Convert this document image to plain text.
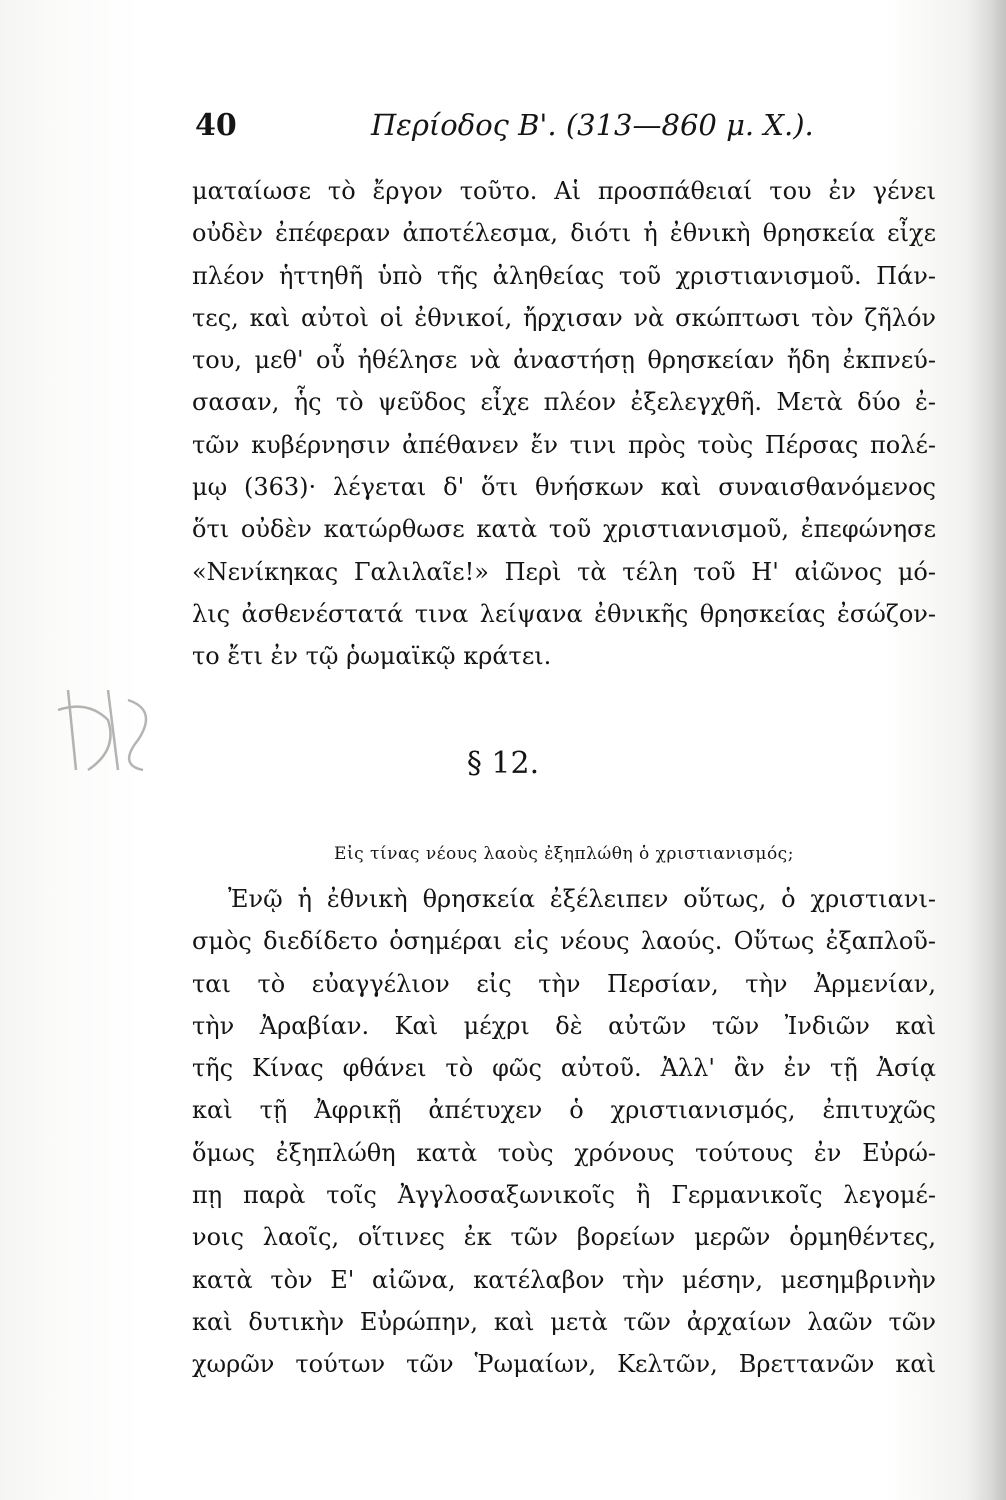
40	Περίοδος Β'. (313—860 μ. Χ.).
ματαίωσε τὸ ἔργον τοῦτο. Αἱ προσπάθειαί του ἐν γένει
οὐδὲν ἐπέφεραν ἀποτέλεσμα, διότι ἡ ἐθνικὴ θρησκεία εἶχε
πλέον ἡττηθῆ ὑπὸ τῆς ἀληθείας τοῦ χριστιανισμοῦ. Πάν-
τες, καὶ αὐτοὶ οἱ ἐθνικοί, ἤρχισαν νὰ σκώπτωσι τὸν ζῆλόν
του, μεθ' οὗ ἠθέλησε νὰ ἀναστήσῃ θρησκείαν ἤδη ἐκπνεύ-
σασαν, ἧς τὸ ψεῦδος εἶχε πλέον ἐξελεγχθῆ. Μετὰ δύο ἐ-
τῶν κυβέρνησιν ἀπέθανεν ἔν τινι πρὸς τοὺς Πέρσας πολέ-
μῳ (363)· λέγεται δ' ὅτι θνήσκων καὶ συναισθανόμενος
ὅτι οὐδὲν κατώρθωσε κατὰ τοῦ χριστιανισμοῦ, ἐπεφώνησε
«Νενίκηκας Γαλιλαῖε!» Περὶ τὰ τέλη τοῦ Η' αἰῶνος μό-
λις ἀσθενέστατά τινα λείψανα ἐθνικῆς θρησκείας ἐσώζον-
το ἔτι ἐν τῷ ῥωμαϊκῷ κράτει.
§ 12.
Εἰς τίνας νέους λαοὺς ἐξηπλώθη ὁ χριστιανισμός;
Ἐνῷ ἡ ἐθνικὴ θρησκεία ἐξέλειπεν οὕτως, ὁ χριστιανι-
σμὸς διεδίδετο ὁσημέραι εἰς νέους λαούς. Οὕτως ἐξαπλοῦ-
ται τὸ εὐαγγέλιον εἰς τὴν Περσίαν, τὴν Ἀρμενίαν,
τὴν Ἀραβίαν. Καὶ μέχρι δὲ αὐτῶν τῶν Ἰνδιῶν καὶ
τῆς Κίνας φθάνει τὸ φῶς αὐτοῦ. Ἀλλ' ἂν ἐν τῇ Ἀσίᾳ
καὶ τῇ Ἀφρικῇ ἀπέτυχεν ὁ χριστιανισμός, ἐπιτυχῶς
ὅμως ἐξηπλώθη κατὰ τοὺς χρόνους τούτους ἐν Εὐρώ-
πῃ παρὰ τοῖς Ἀγγλοσαξωνικοῖς ἢ Γερμανικοῖς λεγομέ-
νοις λαοῖς, οἵτινες ἐκ τῶν βορείων μερῶν ὁρμηθέντες,
κατὰ τὸν Ε' αἰῶνα, κατέλαβον τὴν μέσην, μεσημβρινὴν
καὶ δυτικὴν Εὐρώπην, καὶ μετὰ τῶν ἀρχαίων λαῶν τῶν
χωρῶν τούτων τῶν Ῥωμαίων, Κελτῶν, Βρεττανῶν καὶ
